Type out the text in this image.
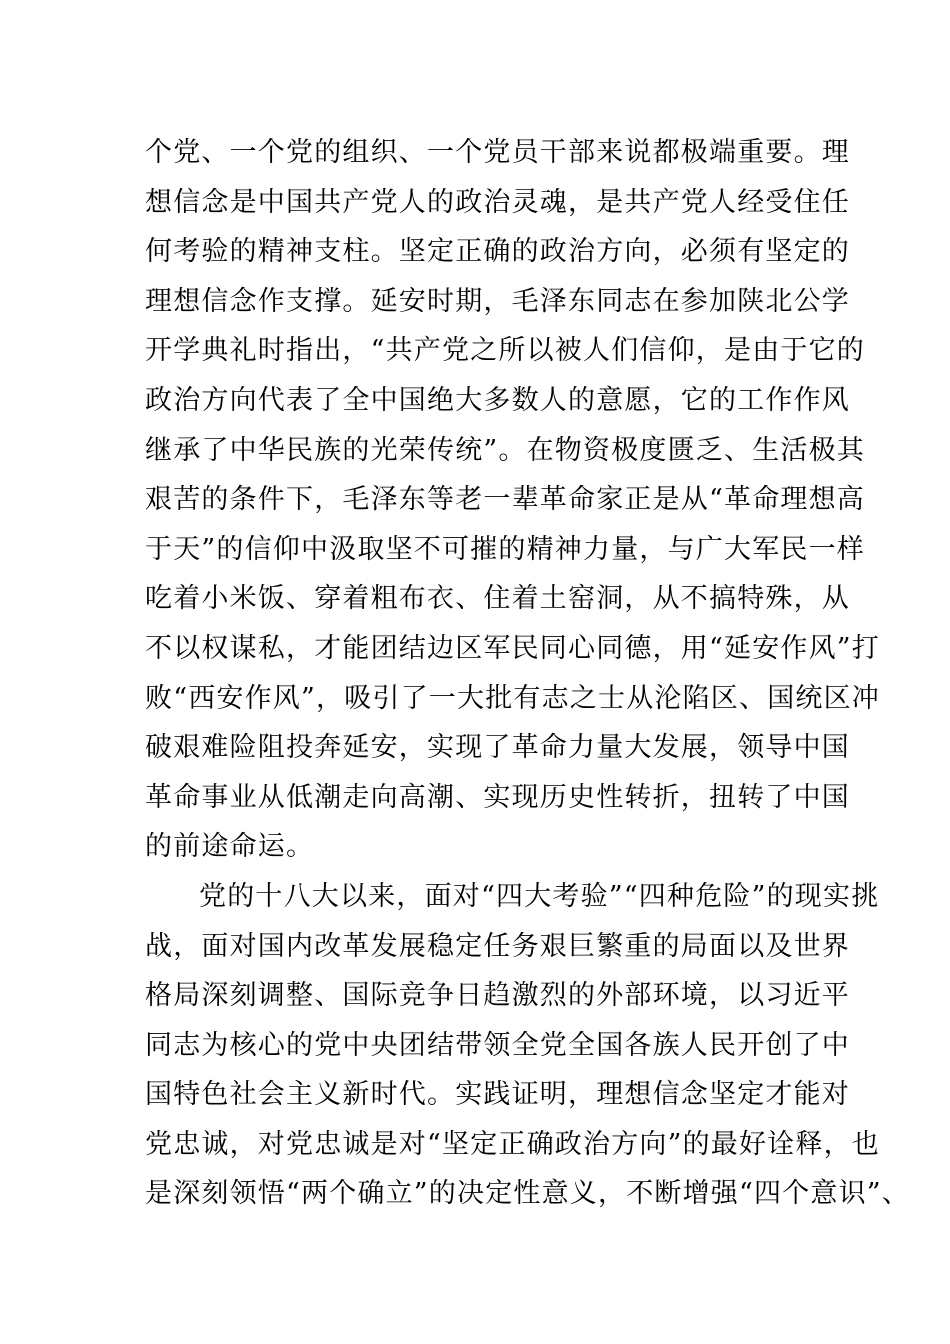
个党、一个党的组织、一个党员干部来说都极端重要。理
想信念是中国共产党人的政治灵魂，是共产党人经受住任
何考验的精神支柱。坚定正确的政治方向，必须有坚定的
理想信念作支撑。延安时期，毛泽东同志在参加陕北公学
开学典礼时指出，“共产党之所以被人们信仰，是由于它的
政治方向代表了全中国绝大多数人的意愿，它的工作作风
继承了中华民族的光荣传统”。在物资极度匮乏、生活极其
艰苦的条件下，毛泽东等老一辈革命家正是从“革命理想高
于天”的信仰中汲取坚不可摧的精神力量，与广大军民一样
吃着小米饭、穿着粗布衣、住着土窑洞，从不搞特殊，从
不以权谋私，才能团结边区军民同心同德，用“延安作风”打
败“西安作风”，吸引了一大批有志之士从沦陷区、国统区冲
破艰难险阻投奔延安，实现了革命力量大发展，领导中国
革命事业从低潮走向高潮、实现历史性转折，扭转了中国
的前途命运。
党的十八大以来，面对“四大考验”“四种危险”的现实挑
战，面对国内改革发展稳定任务艰巨繁重的局面以及世界
格局深刻调整、国际竞争日趋激烈的外部环境，以习近平
同志为核心的党中央团结带领全党全国各族人民开创了中
国特色社会主义新时代。实践证明，理想信念坚定才能对
党忠诚，对党忠诚是对“坚定正确政治方向”的最好诠释，也
是深刻领悟“两个确立”的决定性意义，不断增强“四个意识”、
